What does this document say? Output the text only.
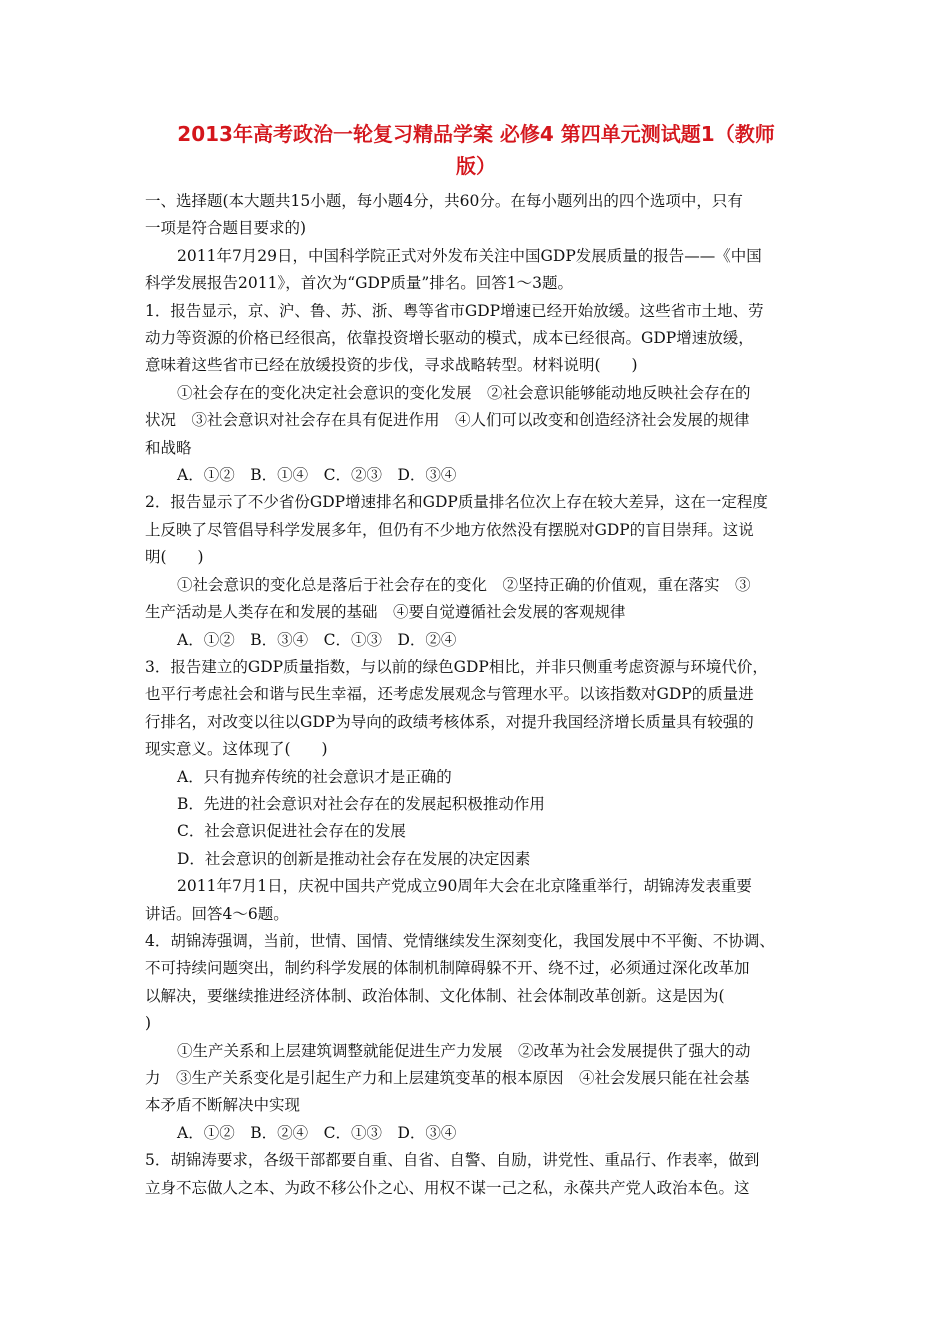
2013年高考政治一轮复习精品学案 必修4 第四单元测试题1（教师
版）

一、选择题(本大题共15小题，每小题4分，共60分。在每小题列出的四个选项中，只有

一项是符合题目要求的)

2011年7月29日，中国科学院正式对外发布关注中国GDP发展质量的报告——《中国

科学发展报告2011》，首次为“GDP质量”排名。回答1～3题。

1．报告显示，京、沪、鲁、苏、浙、粤等省市GDP增速已经开始放缓。这些省市土地、劳

动力等资源的价格已经很高，依靠投资增长驱动的模式，成本已经很高。GDP增速放缓，

意味着这些省市已经在放缓投资的步伐，寻求战略转型。材料说明(　　)

①社会存在的变化决定社会意识的变化发展　②社会意识能够能动地反映社会存在的

状况　③社会意识对社会存在具有促进作用　④人们可以改变和创造经济社会发展的规律

和战略

A．①②　B．①④　C．②③　D．③④

2．报告显示了不少省份GDP增速排名和GDP质量排名位次上存在较大差异，这在一定程度

上反映了尽管倡导科学发展多年，但仍有不少地方依然没有摆脱对GDP的盲目崇拜。这说

明(　　)

①社会意识的变化总是落后于社会存在的变化　②坚持正确的价值观，重在落实　③

生产活动是人类存在和发展的基础　④要自觉遵循社会发展的客观规律

A．①②　B．③④　C．①③　D．②④

3．报告建立的GDP质量指数，与以前的绿色GDP相比，并非只侧重考虑资源与环境代价，

也平行考虑社会和谐与民生幸福，还考虑发展观念与管理水平。以该指数对GDP的质量进

行排名，对改变以往以GDP为导向的政绩考核体系，对提升我国经济增长质量具有较强的

现实意义。这体现了(　　)

A．只有抛弃传统的社会意识才是正确的

B．先进的社会意识对社会存在的发展起积极推动作用

C．社会意识促进社会存在的发展

D．社会意识的创新是推动社会存在发展的决定因素

2011年7月1日，庆祝中国共产党成立90周年大会在北京隆重举行，胡锦涛发表重要

讲话。回答4～6题。

4．胡锦涛强调，当前，世情、国情、党情继续发生深刻变化，我国发展中不平衡、不协调、

不可持续问题突出，制约科学发展的体制机制障碍躲不开、绕不过，必须通过深化改革加

以解决，要继续推进经济体制、政治体制、文化体制、社会体制改革创新。这是因为(

)

①生产关系和上层建筑调整就能促进生产力发展　②改革为社会发展提供了强大的动

力　③生产关系变化是引起生产力和上层建筑变革的根本原因　④社会发展只能在社会基

本矛盾不断解决中实现

A．①②　B．②④　C．①③　D．③④

5．胡锦涛要求，各级干部都要自重、自省、自警、自励，讲党性、重品行、作表率，做到

立身不忘做人之本、为政不移公仆之心、用权不谋一己之私，永葆共产党人政治本色。这
